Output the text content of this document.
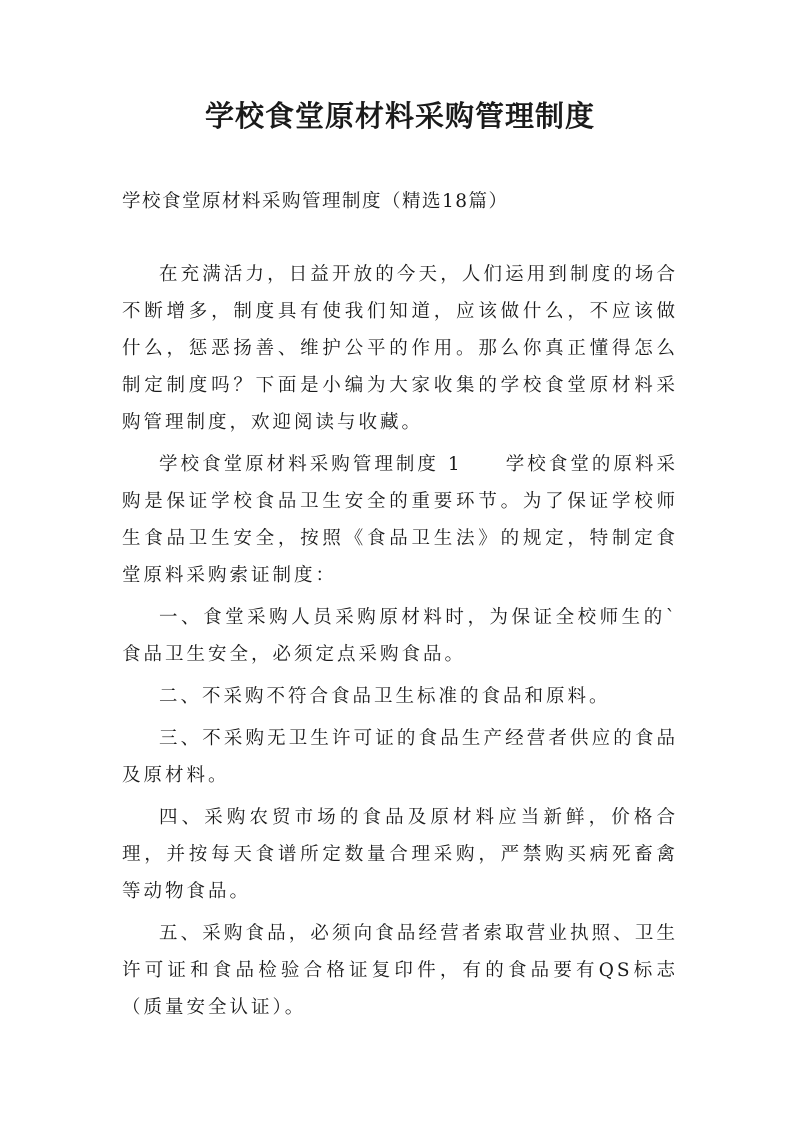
学校食堂原材料采购管理制度
学校食堂原材料采购管理制度（精选18篇）

在充满活力，日益开放的今天，人们运用到制度的场合不断增多，制度具有使我们知道，应该做什么，不应该做什么，惩恶扬善、维护公平的作用。那么你真正懂得怎么制定制度吗？下面是小编为大家收集的学校食堂原材料采购管理制度，欢迎阅读与收藏。

学校食堂原材料采购管理制度 1　　学校食堂的原料采购是保证学校食品卫生安全的重要环节。为了保证学校师生食品卫生安全，按照《食品卫生法》的规定，特制定食堂原料采购索证制度：

一、食堂采购人员采购原材料时，为保证全校师生的`食品卫生安全，必须定点采购食品。

二、不采购不符合食品卫生标准的食品和原料。

三、不采购无卫生许可证的食品生产经营者供应的食品及原材料。

四、采购农贸市场的食品及原材料应当新鲜，价格合理，并按每天食谱所定数量合理采购，严禁购买病死畜禽等动物食品。

五、采购食品，必须向食品经营者索取营业执照、卫生许可证和食品检验合格证复印件，有的食品要有QS标志（质量安全认证）。
